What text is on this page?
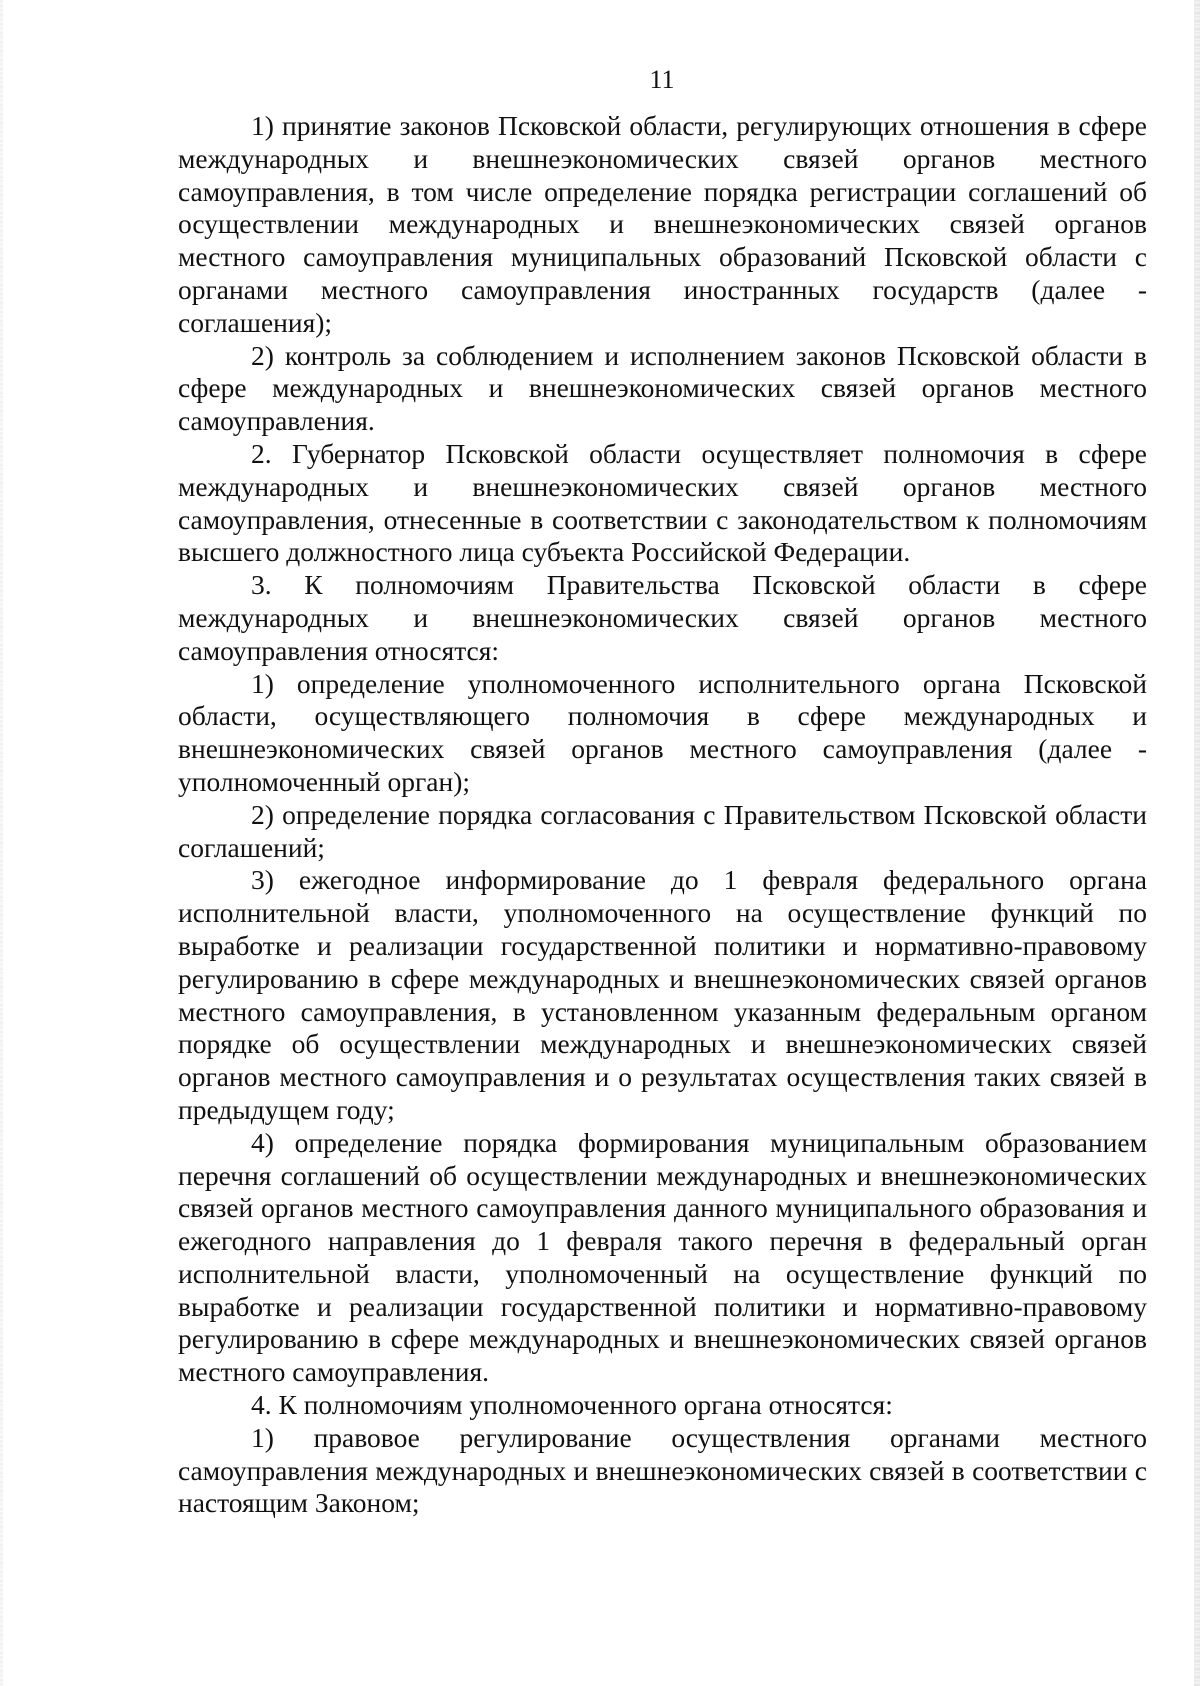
11

1) принятие законов Псковской области, регулирующих отношения в сфере международных и внешнеэкономических связей органов местного самоуправления, в том числе определение порядка регистрации соглашений об осуществлении международных и внешнеэкономических связей органов местного самоуправления муниципальных образований Псковской области с органами местного самоуправления иностранных государств (далее - соглашения);

2) контроль за соблюдением и исполнением законов Псковской области в сфере международных и внешнеэкономических связей органов местного самоуправления.

2. Губернатор Псковской области осуществляет полномочия в сфере международных и внешнеэкономических связей органов местного самоуправления, отнесенные в соответствии с законодательством к полномочиям высшего должностного лица субъекта Российской Федерации.

3. К полномочиям Правительства Псковской области в сфере международных и внешнеэкономических связей органов местного самоуправления относятся:

1) определение уполномоченного исполнительного органа Псковской области, осуществляющего полномочия в сфере международных и внешнеэкономических связей органов местного самоуправления (далее - уполномоченный орган);

2) определение порядка согласования с Правительством Псковской области соглашений;

3) ежегодное информирование до 1 февраля федерального органа исполнительной власти, уполномоченного на осуществление функций по выработке и реализации государственной политики и нормативно-правовому регулированию в сфере международных и внешнеэкономических связей органов местного самоуправления, в установленном указанным федеральным органом порядке об осуществлении международных и внешнеэкономических связей органов местного самоуправления и о результатах осуществления таких связей в предыдущем году;

4) определение порядка формирования муниципальным образованием перечня соглашений об осуществлении международных и внешнеэкономических связей органов местного самоуправления данного муниципального образования и ежегодного направления до 1 февраля такого перечня в федеральный орган исполнительной власти, уполномоченный на осуществление функций по выработке и реализации государственной политики и нормативно-правовому регулированию в сфере международных и внешнеэкономических связей органов местного самоуправления.

4. К полномочиям уполномоченного органа относятся:

1) правовое регулирование осуществления органами местного самоуправления международных и внешнеэкономических связей в соответствии с настоящим Законом;
